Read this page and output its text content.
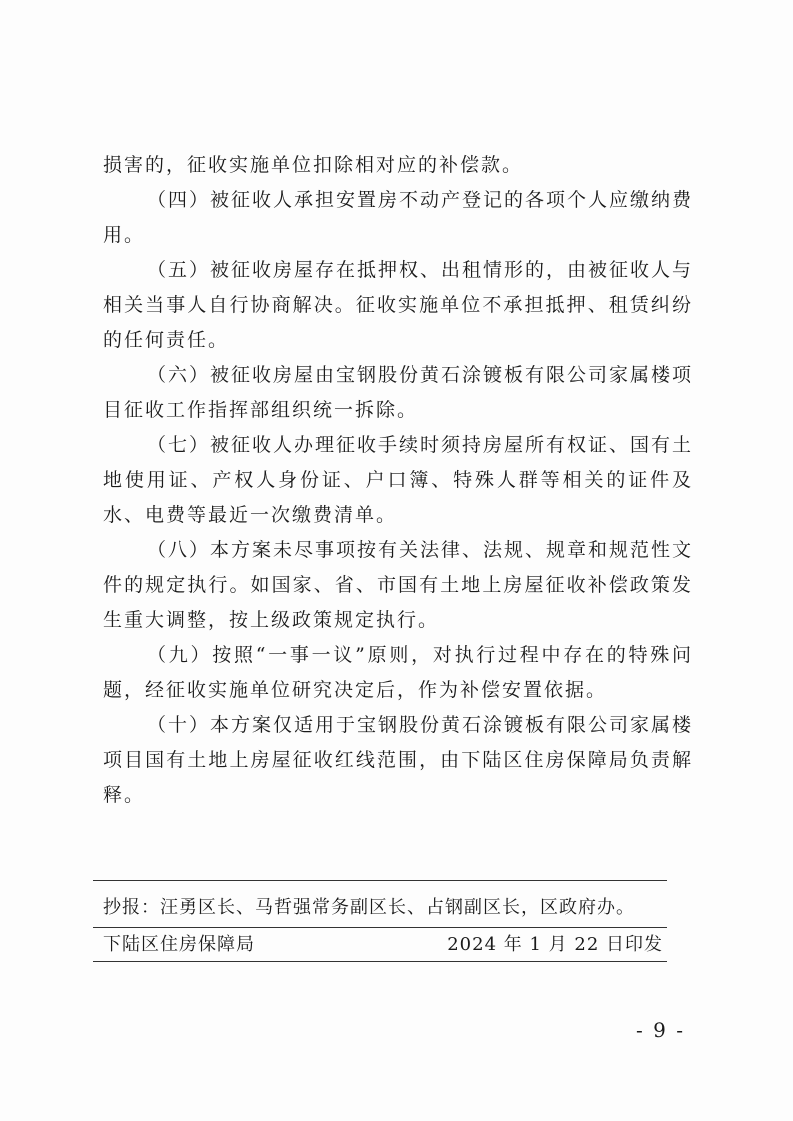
损害的，征收实施单位扣除相对应的补偿款。

（四）被征收人承担安置房不动产登记的各项个人应缴纳费用。

（五）被征收房屋存在抵押权、出租情形的，由被征收人与相关当事人自行协商解决。征收实施单位不承担抵押、租赁纠纷的任何责任。

（六）被征收房屋由宝钢股份黄石涂镀板有限公司家属楼项目征收工作指挥部组织统一拆除。

（七）被征收人办理征收手续时须持房屋所有权证、国有土地使用证、产权人身份证、户口簿、特殊人群等相关的证件及水、电费等最近一次缴费清单。

（八）本方案未尽事项按有关法律、法规、规章和规范性文件的规定执行。如国家、省、市国有土地上房屋征收补偿政策发生重大调整，按上级政策规定执行。

（九）按照“一事一议”原则，对执行过程中存在的特殊问题，经征收实施单位研究决定后，作为补偿安置依据。

（十）本方案仅适用于宝钢股份黄石涂镀板有限公司家属楼项目国有土地上房屋征收红线范围，由下陆区住房保障局负责解释。

抄报：汪勇区长、马哲强常务副区长、占钢副区长，区政府办。
下陆区住房保障局	2024 年 1 月 22 日印发
- 9 -
